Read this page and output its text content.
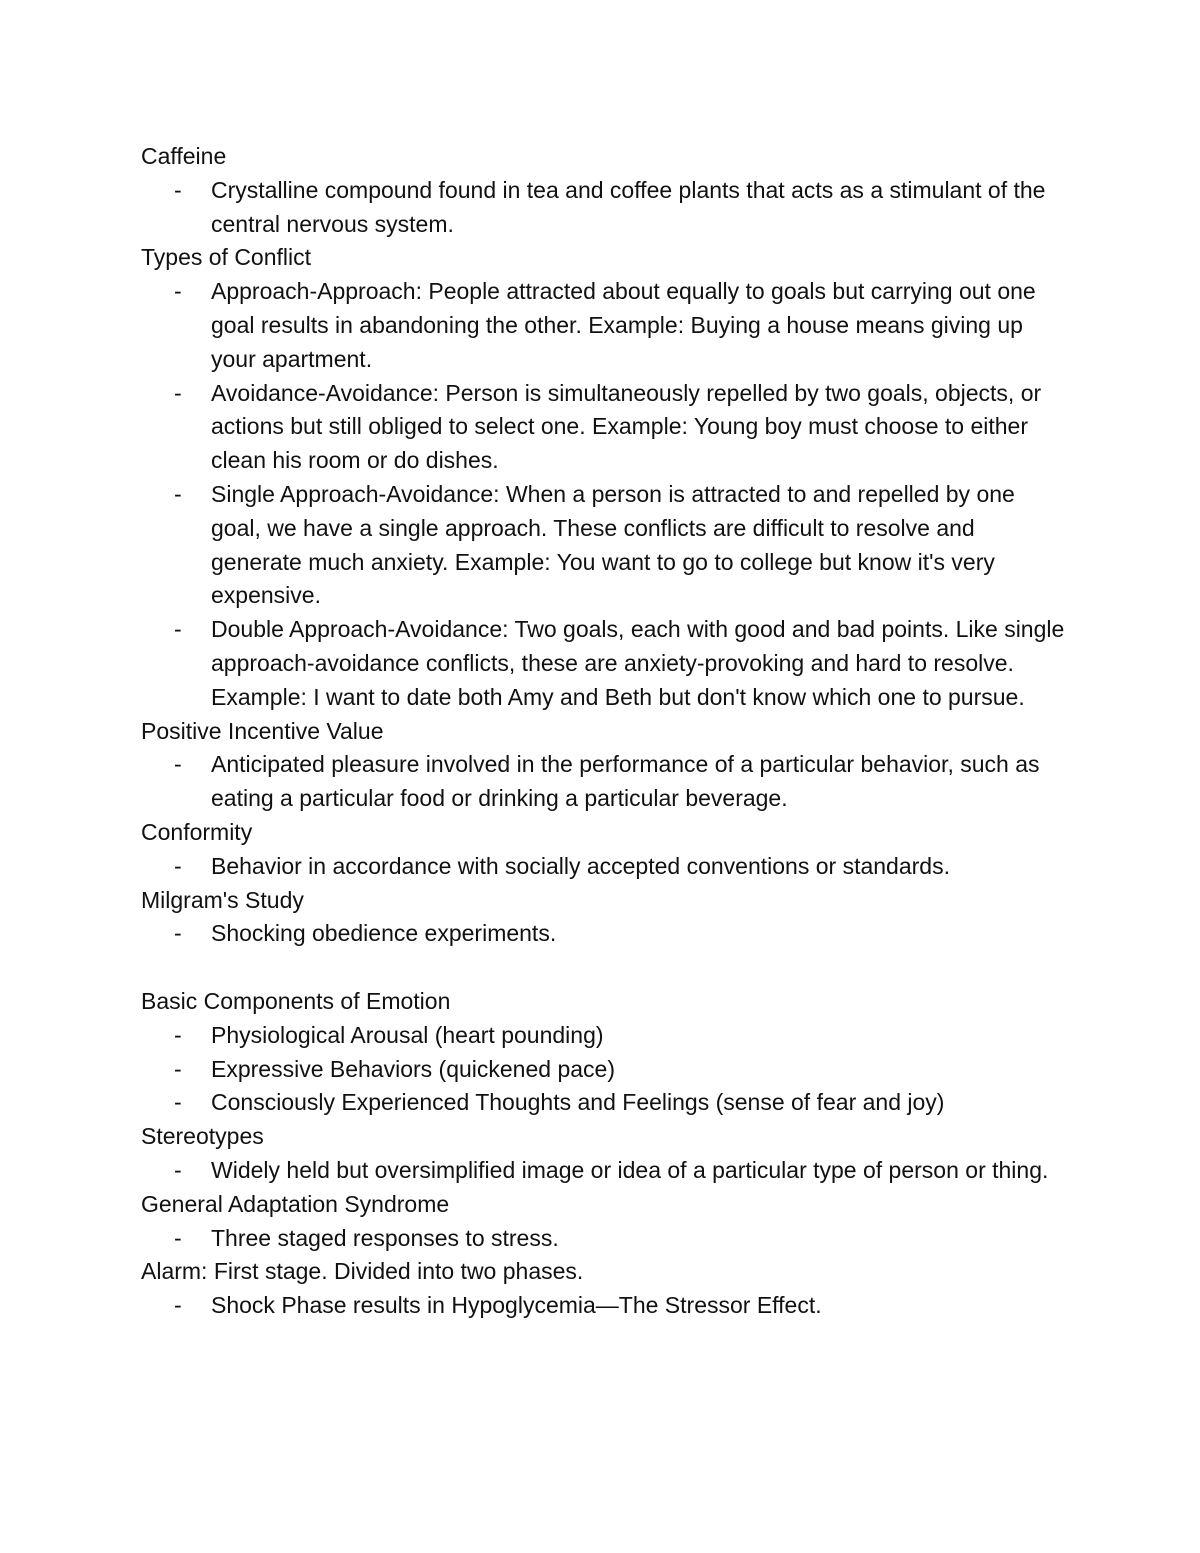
Caffeine

- Crystalline compound found in tea and coffee plants that acts as a stimulant of the central nervous system.

Types of Conflict

- Approach-Approach: People attracted about equally to goals but carrying out one goal results in abandoning the other. Example: Buying a house means giving up your apartment.
- Avoidance-Avoidance: Person is simultaneously repelled by two goals, objects, or actions but still obliged to select one. Example: Young boy must choose to either clean his room or do dishes.
- Single Approach-Avoidance: When a person is attracted to and repelled by one goal, we have a single approach. These conflicts are difficult to resolve and generate much anxiety. Example: You want to go to college but know it's very expensive.
- Double Approach-Avoidance: Two goals, each with good and bad points. Like single approach-avoidance conflicts, these are anxiety-provoking and hard to resolve. Example: I want to date both Amy and Beth but don't know which one to pursue.

Positive Incentive Value

- Anticipated pleasure involved in the performance of a particular behavior, such as eating a particular food or drinking a particular beverage.

Conformity

- Behavior in accordance with socially accepted conventions or standards.

Milgram's Study

- Shocking obedience experiments.

Basic Components of Emotion

- Physiological Arousal (heart pounding)
- Expressive Behaviors (quickened pace)
- Consciously Experienced Thoughts and Feelings (sense of fear and joy)

Stereotypes

- Widely held but oversimplified image or idea of a particular type of person or thing.

General Adaptation Syndrome

- Three staged responses to stress.

Alarm: First stage. Divided into two phases.

- Shock Phase results in Hypoglycemia—The Stressor Effect.
